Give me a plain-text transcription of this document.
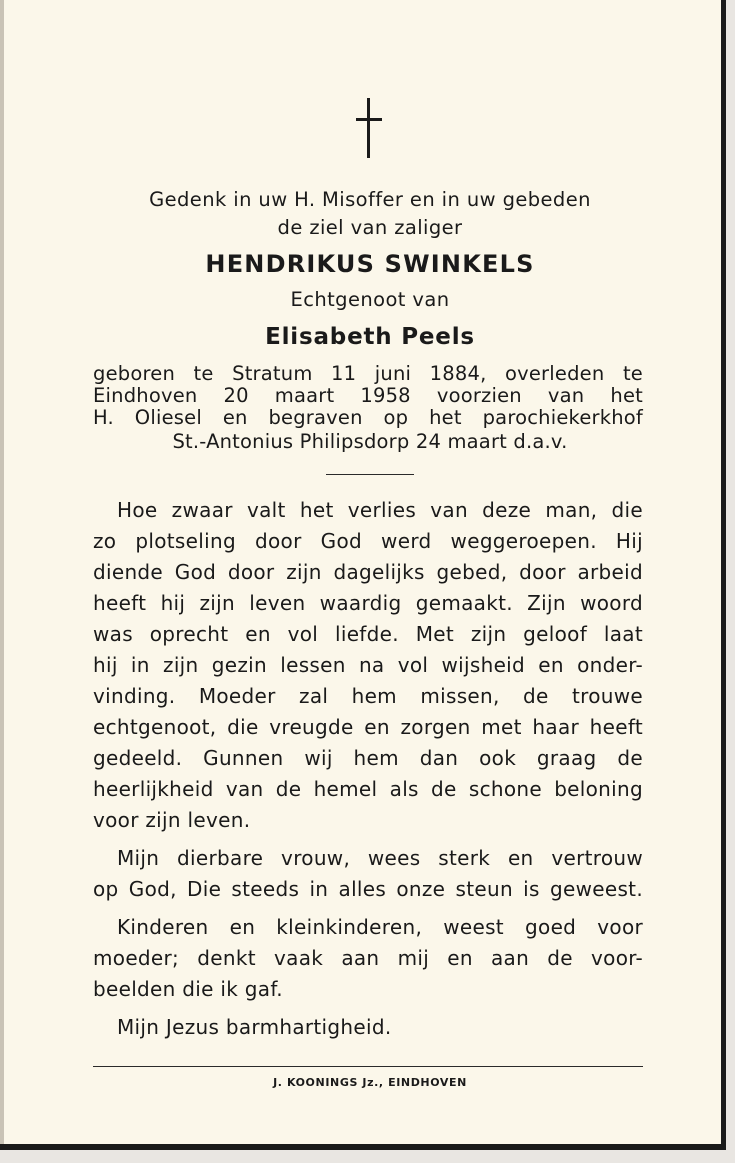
Gedenk in uw H. Misoffer en in uw gebeden
de ziel van zaliger
HENDRIKUS SWINKELS
Echtgenoot van
Elisabeth Peels
geboren te Stratum 11 juni 1884, overleden te
Eindhoven 20 maart 1958 voorzien van het
H. Oliesel en begraven op het parochiekerkhof
St.-Antonius Philipsdorp 24 maart d.a.v.
Hoe zwaar valt het verlies van deze man, die
zo plotseling door God werd weggeroepen. Hij
diende God door zijn dagelijks gebed, door arbeid
heeft hij zijn leven waardig gemaakt. Zijn woord
was oprecht en vol liefde. Met zijn geloof laat
hij in zijn gezin lessen na vol wijsheid en onder-
vinding. Moeder zal hem missen, de trouwe
echtgenoot, die vreugde en zorgen met haar heeft
gedeeld. Gunnen wij hem dan ook graag de
heerlijkheid van de hemel als de schone beloning
voor zijn leven.
Mijn dierbare vrouw, wees sterk en vertrouw
op God, Die steeds in alles onze steun is geweest.
Kinderen en kleinkinderen, weest goed voor
moeder; denkt vaak aan mij en aan de voor-
beelden die ik gaf.
Mijn Jezus barmhartigheid.
J. KOONINGS Jz., EINDHOVEN
